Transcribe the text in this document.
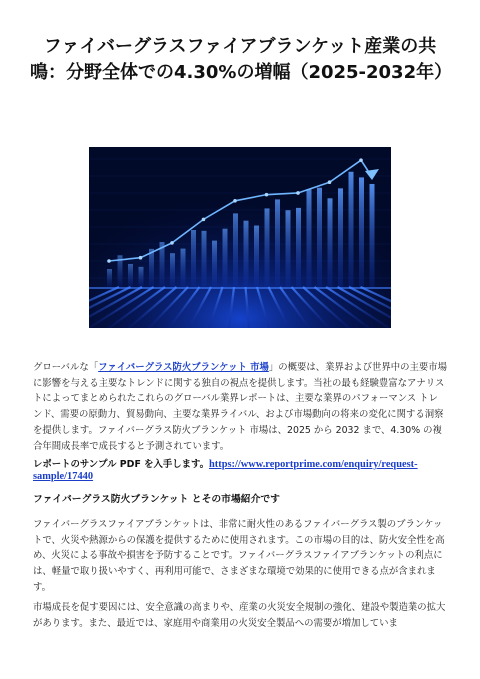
ファイバーグラスファイアブランケット産業の共鳴：分野全体での4.30%の増幅（2025-2032年）
グローバルな「ファイバーグラス防火ブランケット 市場」の概要は、業界および世界中の主要市場に影響を与える主要なトレンドに関する独自の視点を提供します。当社の最も経験豊富なアナリストによってまとめられたこれらのグローバル業界レポートは、主要な業界のパフォーマンス トレンド、需要の原動力、貿易動向、主要な業界ライバル、および市場動向の将来の変化に関する洞察を提供します。ファイバーグラス防火ブランケット 市場は、2025 から 2032 まで、4.30% の複合年間成長率で成長すると予測されています。
レポートのサンプル PDF を入手します。https://www.reportprime.com/enquiry/request-sample/17440
ファイバーグラス防火ブランケット とその市場紹介です
ファイバーグラスファイアブランケットは、非常に耐火性のあるファイバーグラス製のブランケットで、火災や熱源からの保護を提供するために使用されます。この市場の目的は、防火安全性を高め、火災による事故や損害を予防することです。ファイバーグラスファイアブランケットの利点には、軽量で取り扱いやすく、再利用可能で、さまざまな環境で効果的に使用できる点が含まれます。
市場成長を促す要因には、安全意識の高まりや、産業の火災安全規制の強化、建設や製造業の拡大があります。また、最近では、家庭用や商業用の火災安全製品への需要が増加していま
